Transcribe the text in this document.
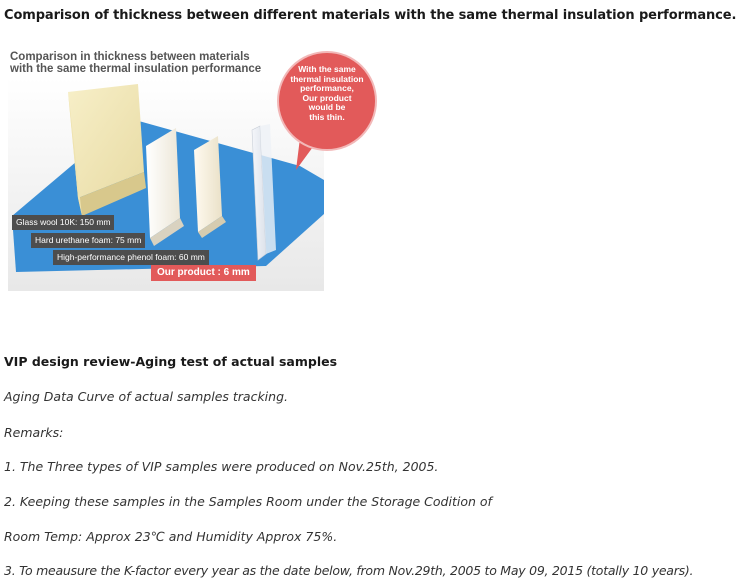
Comparison of thickness between different materials with the same thermal insulation performance.
Comparison in thickness between materials
with the same thermal insulation performance
Glass wool 10K: 150 mm
Hard urethane foam: 75 mm
High-performance phenol foam: 60 mm
Our product : 6 mm
With the same
thermal insulation
performance,
Our product
would be
this thin.
VIP design review-Aging test of actual samples
Aging Data Curve of actual samples tracking.
Remarks:
1. The Three types of VIP samples were produced on Nov.25th, 2005.
2. Keeping these samples in the Samples Room under the Storage Codition of
Room Temp: Approx 23℃ and Humidity Approx 75%.
3. To meausure the K-factor every year as the date below, from Nov.29th, 2005 to May 09, 2015 (totally 10 years).
